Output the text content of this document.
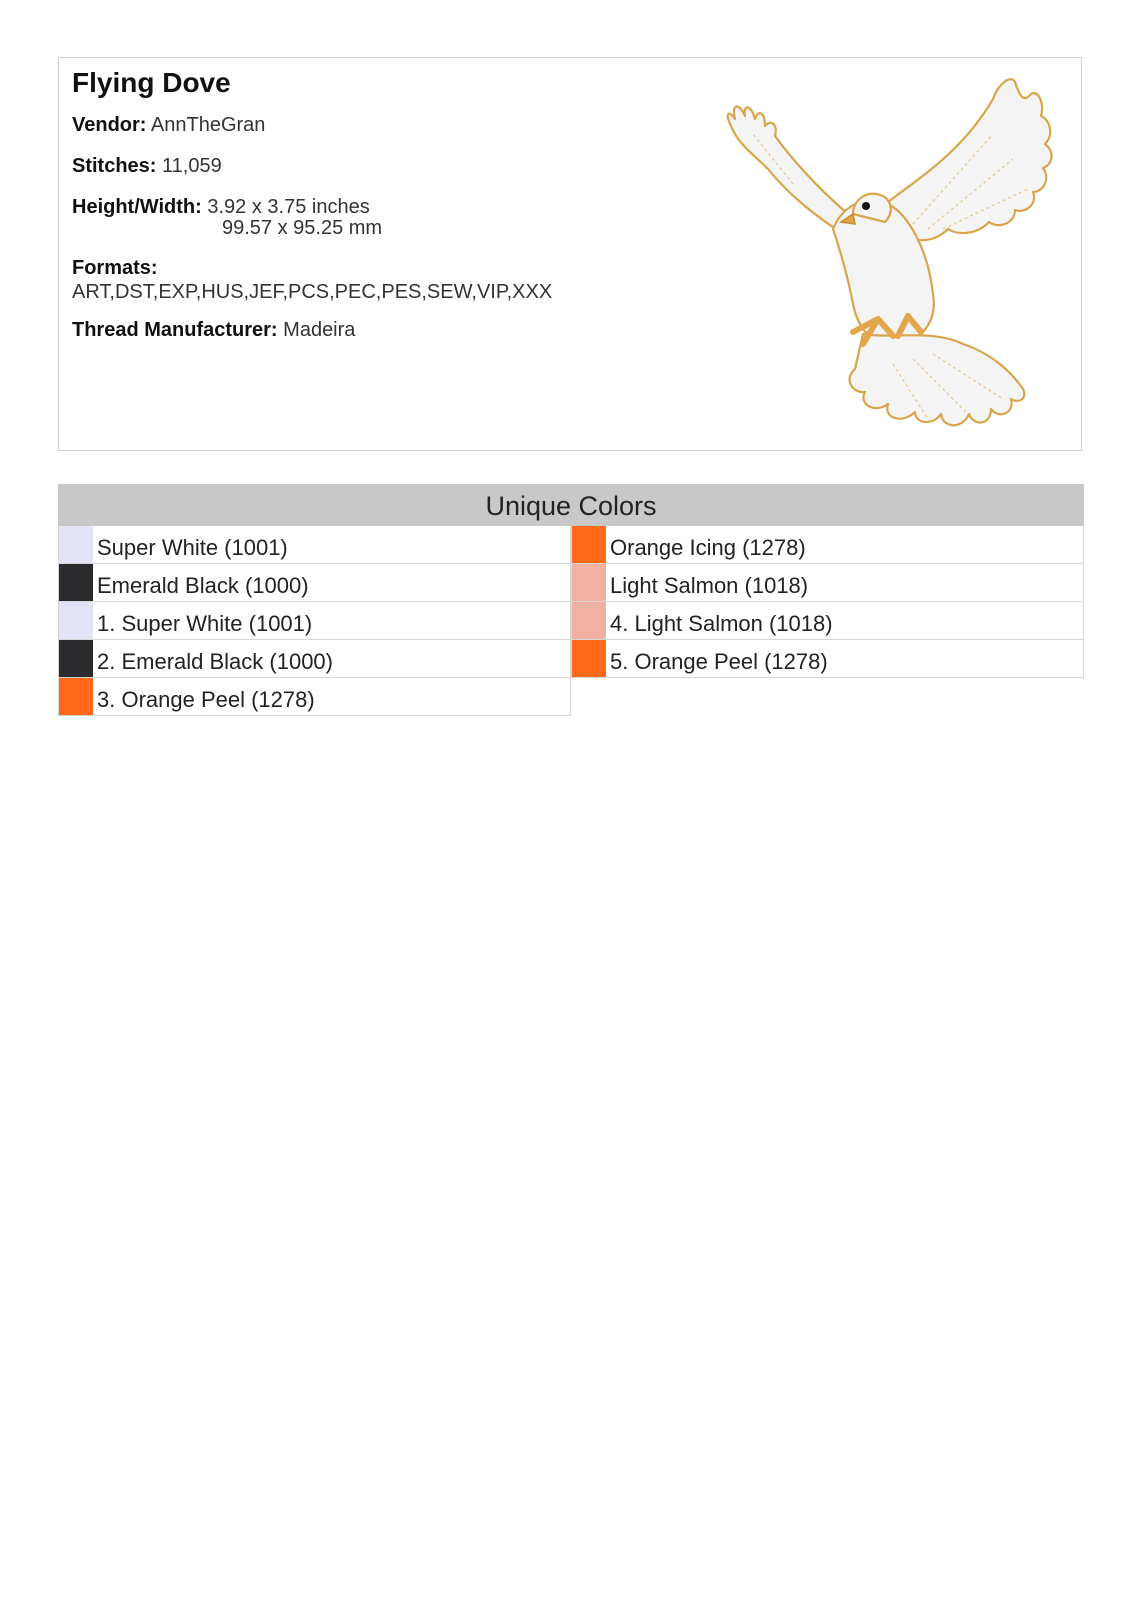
Flying Dove
Vendor: AnnTheGran
Stitches: 11,059
Height/Width: 3.92 x 3.75 inches
99.57 x 95.25 mm
Formats:
ART,DST,EXP,HUS,JEF,PCS,PEC,PES,SEW,VIP,XXX
Thread Manufacturer: Madeira
Unique Colors
Super White (1001)
Emerald Black (1000)
1. Super White (1001)
2. Emerald Black (1000)
3. Orange Peel (1278)
Orange Icing (1278)
Light Salmon (1018)
4. Light Salmon (1018)
5. Orange Peel (1278)
